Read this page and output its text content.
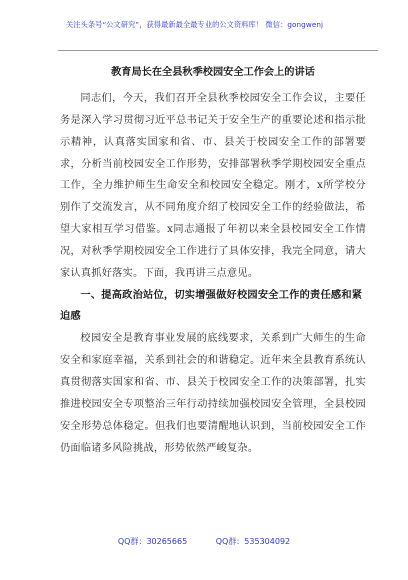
关注头条号“公文研究”，获得最新最全最专业的公文资料库！ 微信：gongwenj
教育局长在全县秋季校园安全工作会上的讲话

同志们，今天，我们召开全县秋季校园安全工作会议，主要任务是深入学习贯彻习近平总书记关于安全生产的重要论述和指示批示精神，认真落实国家和省、市、县关于校园安全工作的部署要求，分析当前校园安全工作形势，安排部署秋季学期校园安全重点工作，全力维护师生生命安全和校园安全稳定。刚才，x所学校分别作了交流发言，从不同角度介绍了校园安全工作的经验做法，希望大家相互学习借鉴。x同志通报了年初以来全县校园安全工作情况，对秋季学期校园安全工作进行了具体安排，我完全同意，请大家认真抓好落实。下面，我再讲三点意见。

一、提高政治站位，切实增强做好校园安全工作的责任感和紧迫感

校园安全是教育事业发展的底线要求，关系到广大师生的生命安全和家庭幸福，关系到社会的和谐稳定。近年来全县教育系统认真贯彻落实国家和省、市、县关于校园安全工作的决策部署，扎实推进校园安全专项整治三年行动持续加强校园安全管理，全县校园安全形势总体稳定。但我们也要清醒地认识到，当前校园安全工作仍面临诸多风险挑战，形势依然严峻复杂。

QQ群：30265665	QQ群：535304092
